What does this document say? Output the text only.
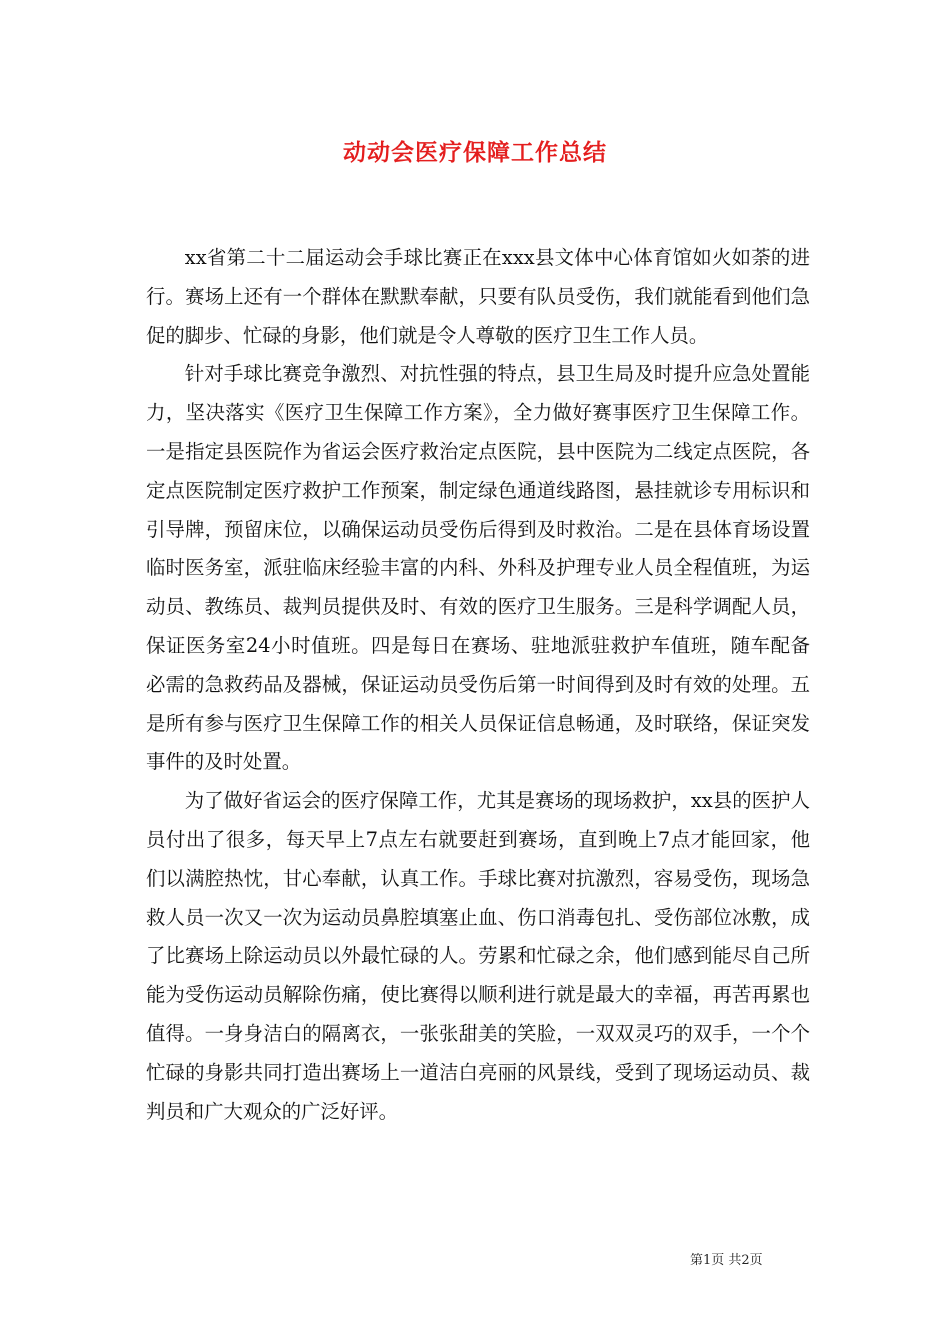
动动会医疗保障工作总结

xx省第二十二届运动会手球比赛正在xxx县文体中心体育馆如火如荼的进行。赛场上还有一个群体在默默奉献，只要有队员受伤，我们就能看到他们急促的脚步、忙碌的身影，他们就是令人尊敬的医疗卫生工作人员。

针对手球比赛竞争激烈、对抗性强的特点，县卫生局及时提升应急处置能力，坚决落实《医疗卫生保障工作方案》，全力做好赛事医疗卫生保障工作。一是指定县医院作为省运会医疗救治定点医院，县中医院为二线定点医院，各定点医院制定医疗救护工作预案，制定绿色通道线路图，悬挂就诊专用标识和引导牌，预留床位，以确保运动员受伤后得到及时救治。二是在县体育场设置临时医务室，派驻临床经验丰富的内科、外科及护理专业人员全程值班，为运动员、教练员、裁判员提供及时、有效的医疗卫生服务。三是科学调配人员，保证医务室24小时值班。四是每日在赛场、驻地派驻救护车值班，随车配备必需的急救药品及器械，保证运动员受伤后第一时间得到及时有效的处理。五是所有参与医疗卫生保障工作的相关人员保证信息畅通，及时联络，保证突发事件的及时处置。

为了做好省运会的医疗保障工作，尤其是赛场的现场救护，xx县的医护人员付出了很多，每天早上7点左右就要赶到赛场，直到晚上7点才能回家，他们以满腔热忱，甘心奉献，认真工作。手球比赛对抗激烈，容易受伤，现场急救人员一次又一次为运动员鼻腔填塞止血、伤口消毒包扎、受伤部位冰敷，成了比赛场上除运动员以外最忙碌的人。劳累和忙碌之余，他们感到能尽自己所能为受伤运动员解除伤痛，使比赛得以顺利进行就是最大的幸福，再苦再累也值得。一身身洁白的隔离衣，一张张甜美的笑脸，一双双灵巧的双手，一个个忙碌的身影共同打造出赛场上一道洁白亮丽的风景线，受到了现场运动员、裁判员和广大观众的广泛好评。

第1页 共2页
